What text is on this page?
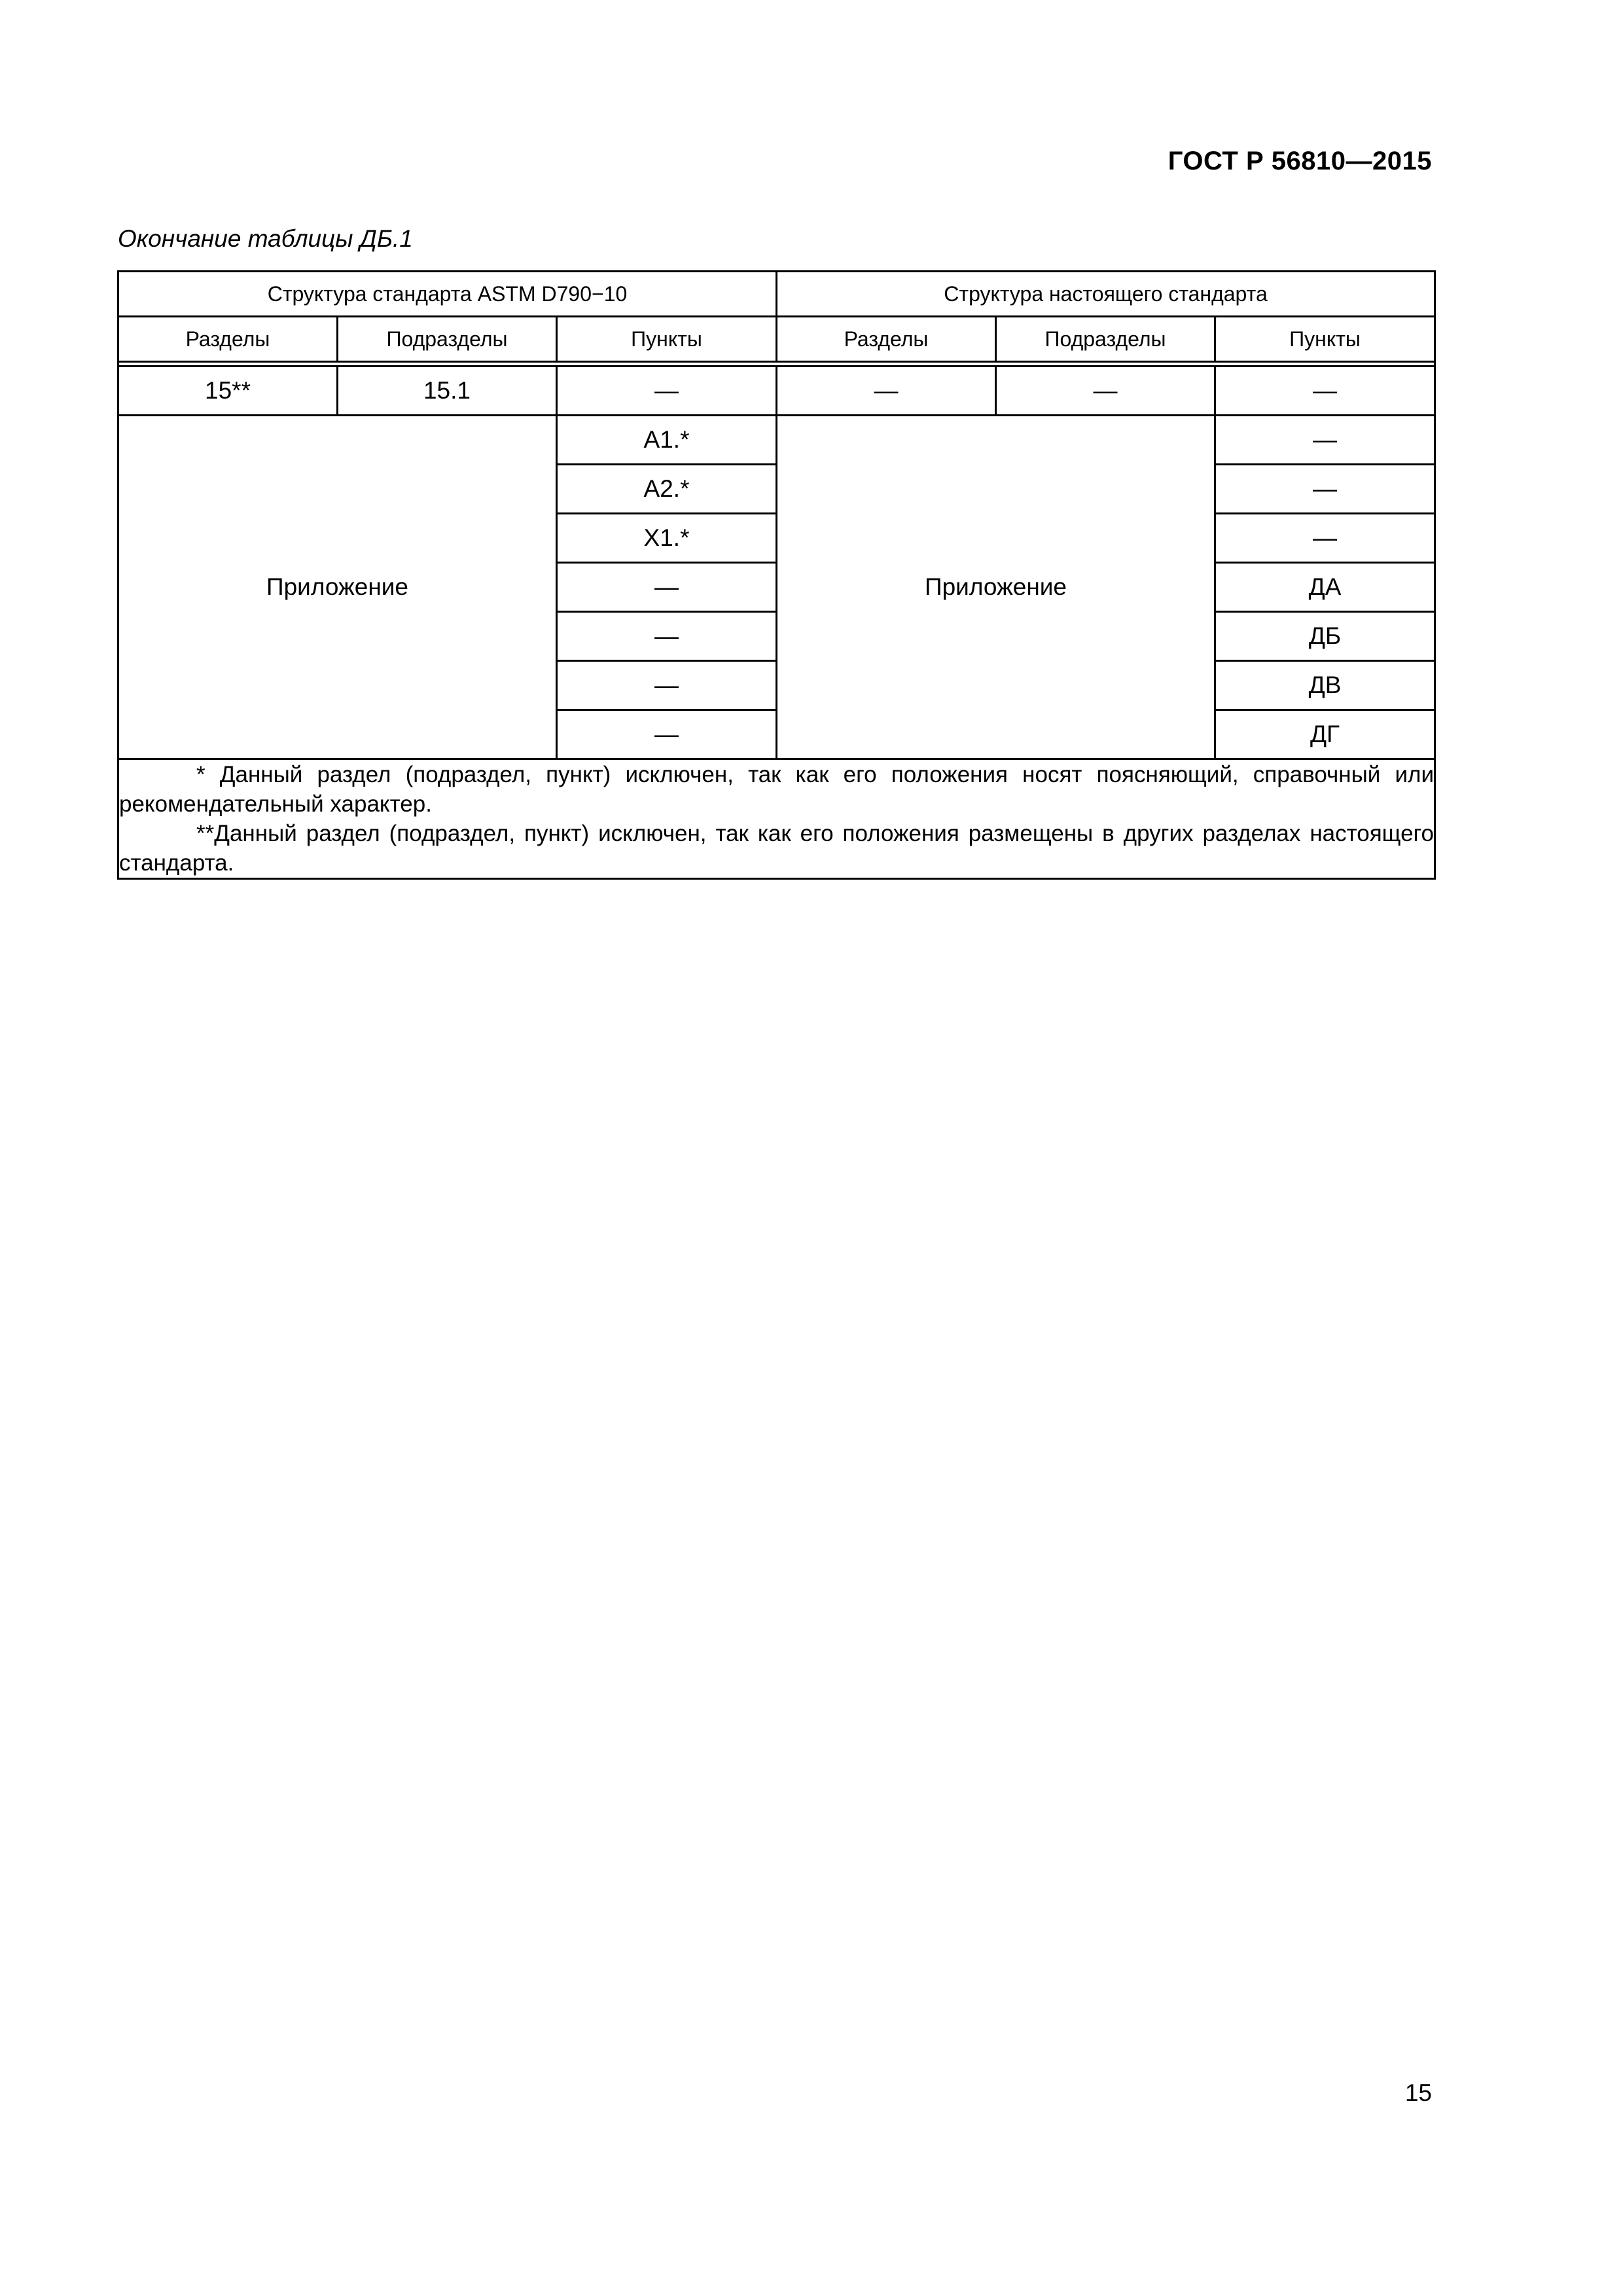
ГОСТ Р 56810—2015
Окончание таблицы ДБ.1
Структура стандарта ASTM D790−10			Структура настоящего стандарта		
Разделы	Подразделы	Пункты	Разделы	Подразделы	Пункты

15**	15.1	—	—	—	—
Приложение		A1.*	Приложение		—
		A2.*			—
		X1.*			—
		—			ДА
		—			ДБ
		—			ДВ
		—			ДГ

* Данный раздел (подраздел, пункт) исключен, так как его положения носят поясняющий, справочный или рекомендательный характер.
**Данный раздел (подраздел, пункт) исключен, так как его положения размещены в других разделах настоящего стандарта.					
15
